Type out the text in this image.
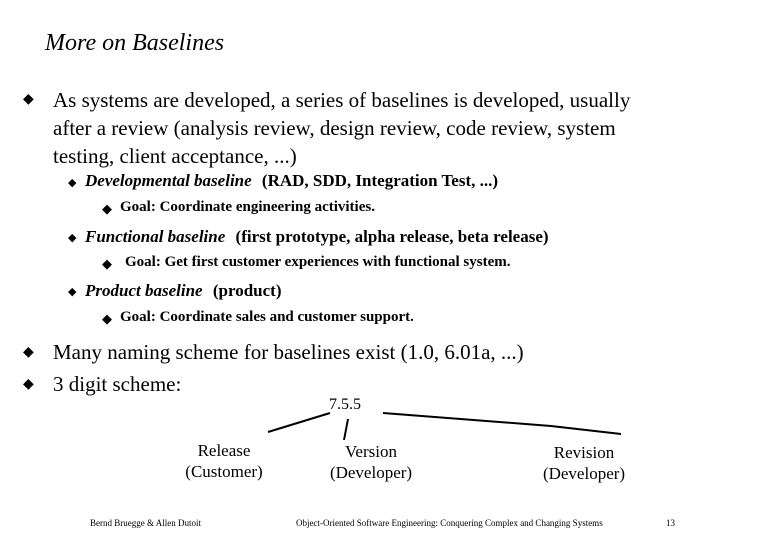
More on Baselines
◆ As systems are developed, a series of baselines is developed, usually
after a review (analysis review, design review, code review, system
testing, client acceptance, ...)
◆ Developmental baseline (RAD, SDD, Integration Test, ...)
◆ Goal: Coordinate engineering activities.
◆ Functional baseline (first prototype, alpha release, beta release)
◆ Goal: Get first customer experiences with functional system.
◆ Product baseline (product)
◆ Goal: Coordinate sales and customer support.
◆ Many naming scheme for baselines exist (1.0, 6.01a, ...)
◆ 3 digit scheme:
7.5.5
Release
(Customer)
Version
(Developer)
Revision
(Developer)
Bernd Bruegge & Allen Dutoit	Object-Oriented Software Engineering: Conquering Complex and Changing Systems	13
